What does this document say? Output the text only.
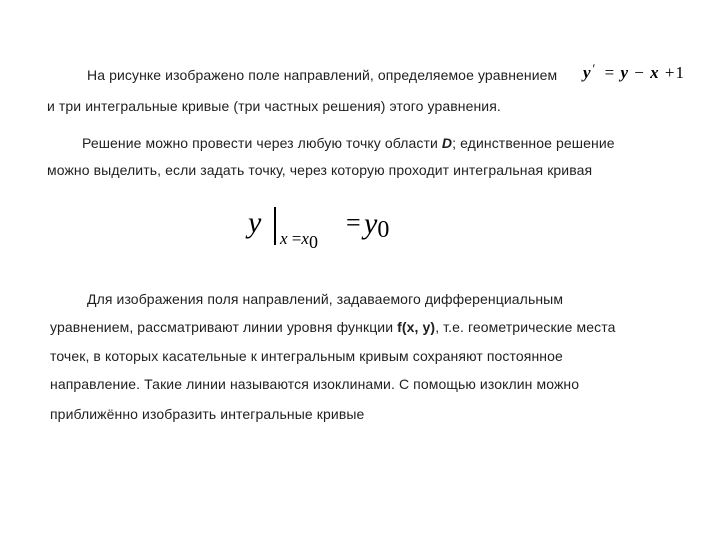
На рисунке изображено поле направлений, определяемое уравнением y′ = y − x +1
и три интегральные кривые (три частных решения) этого уравнения.
Решение можно провести через любую точку области D; единственное решение
можно выделить, если задать точку, через которую проходит интегральная кривая
y x =x0
= y0
Для изображения поля направлений, задаваемого дифференциальным
уравнением, рассматривают линии уровня функции f(x, y), т.е. геометрические места
точек, в которых касательные к интегральным кривым сохраняют постоянное
направление. Такие линии называются изоклинами. С помощью изоклин можно
приближённо изобразить интегральные кривые
